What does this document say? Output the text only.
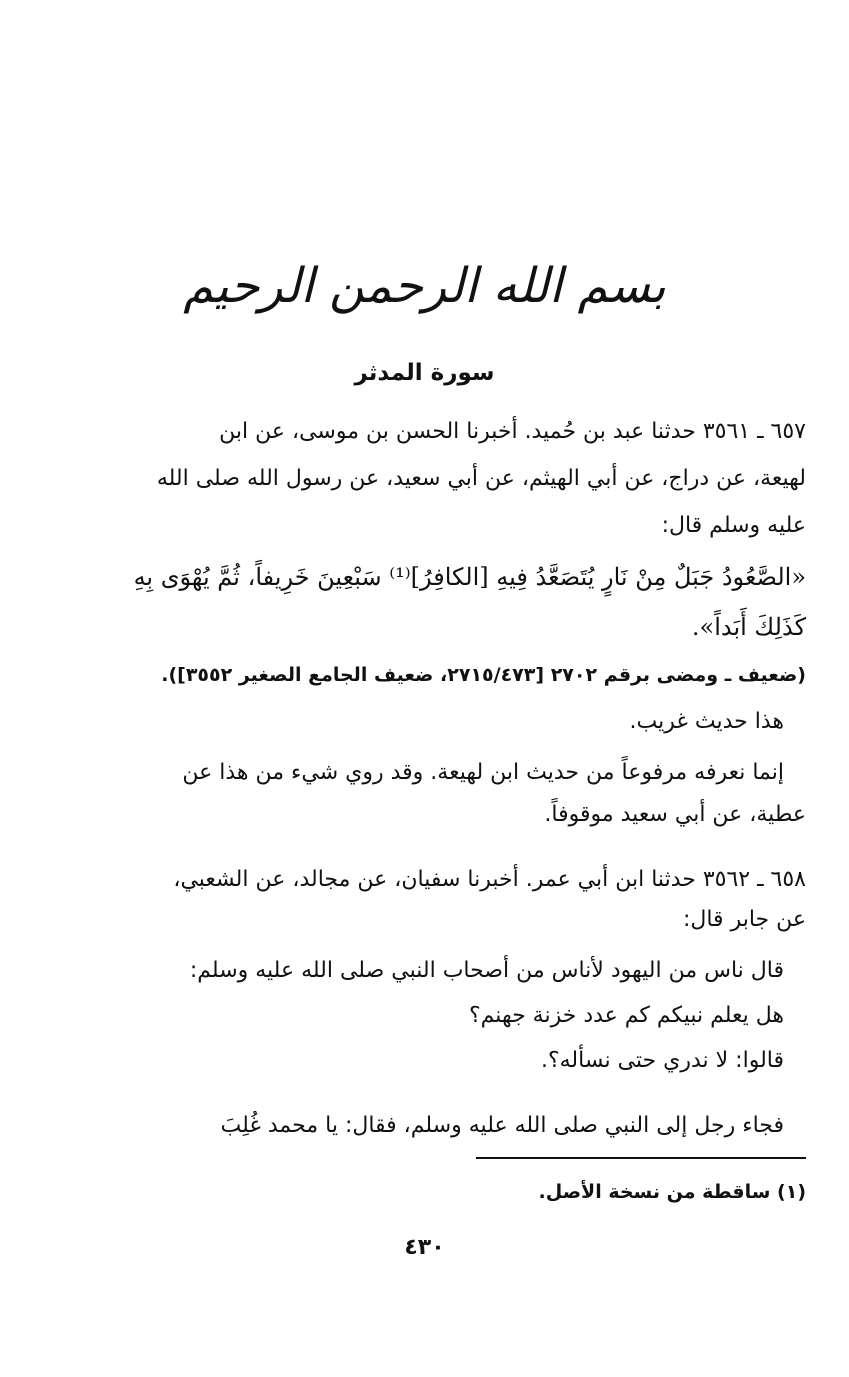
بسم الله الرحمن الرحيم
سورة المدثر
٦٥٧ ـ ٣٥٦١ حدثنا عبد بن حُميد. أخبرنا الحسن بن موسى، عن ابن
لهيعة، عن دراج، عن أبي الهيثم، عن أبي سعيد، عن رسول الله صلى الله
عليه وسلم قال:
«الصَّعُودُ جَبَلٌ مِنْ نَارٍ يُتَصَعَّدُ فِيهِ [الكافِرُ]⁽¹⁾ سَبْعِينَ خَرِيفاً، ثُمَّ يُهْوَى بِهِ
كَذَلِكَ أَبَداً».
(ضعيف ـ ومضى برقم ٢٧٠٢ [٢٧١٥/٤٧٣، ضعيف الجامع الصغير ٣٥٥٢]).
هذا حديث غريب.
إنما نعرفه مرفوعاً من حديث ابن لهيعة. وقد روي شيء من هذا عن
عطية، عن أبي سعيد موقوفاً.
٦٥٨ ـ ٣٥٦٢ حدثنا ابن أبي عمر. أخبرنا سفيان، عن مجالد، عن الشعبي،
عن جابر قال:
قال ناس من اليهود لأناس من أصحاب النبي صلى الله عليه وسلم:
هل يعلم نبيكم كم عدد خزنة جهنم؟
قالوا: لا ندري حتى نسأله؟.
فجاء رجل إلى النبي صلى الله عليه وسلم، فقال: يا محمد غُلِبَ
(١) ساقطة من نسخة الأصل.
٤٣٠
